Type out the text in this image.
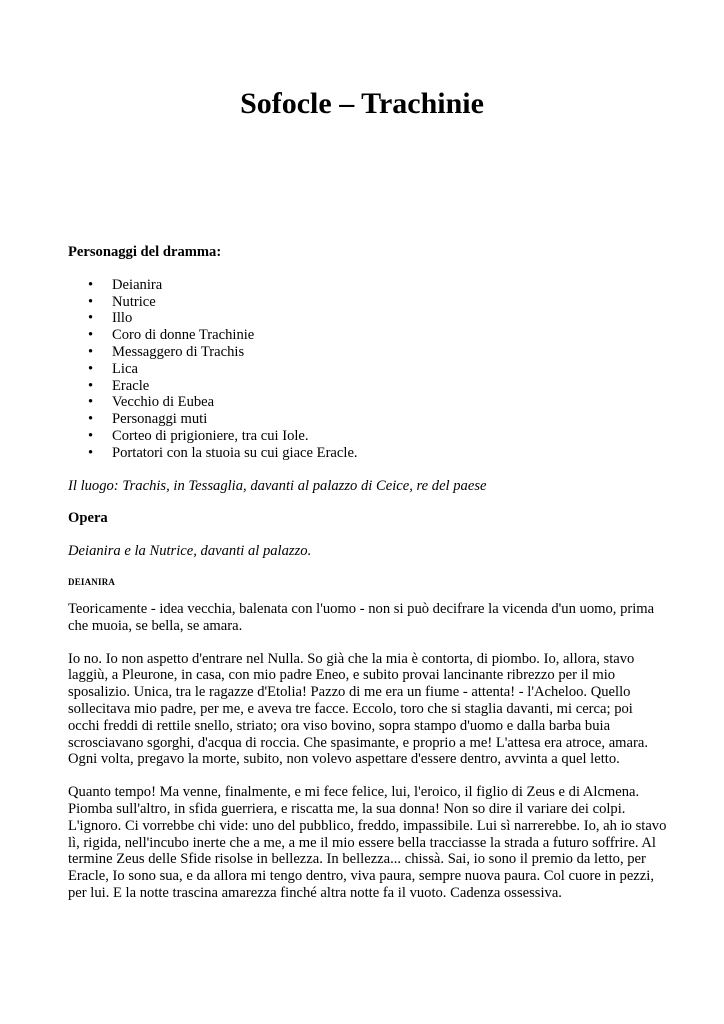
Sofocle – Trachinie

Personaggi del dramma:

• Deianira
• Nutrice
• Illo
• Coro di donne Trachinie
• Messaggero di Trachis
• Lica
• Eracle
• Vecchio di Eubea
• Personaggi muti
• Corteo di prigioniere, tra cui Iole.
• Portatori con la stuoia su cui giace Eracle.

Il luogo: Trachis, in Tessaglia, davanti al palazzo di Ceice, re del paese

Opera

Deianira e la Nutrice, davanti al palazzo.

DEIANIRA

Teoricamente - idea vecchia, balenata con l'uomo - non si può decifrare la vicenda d'un uomo, prima che muoia, se bella, se amara.

Io no. Io non aspetto d'entrare nel Nulla. So già che la mia è contorta, di piombo. Io, allora, stavo laggiù, a Pleurone, in casa, con mio padre Eneo, e subito provai lancinante ribrezzo per il mio sposalizio. Unica, tra le ragazze d'Etolia! Pazzo di me era un fiume - attenta! - l'Acheloo. Quello sollecitava mio padre, per me, e aveva tre facce. Eccolo, toro che si staglia davanti, mi cerca; poi occhi freddi di rettile snello, striato; ora viso bovino, sopra stampo d'uomo e dalla barba buia scrosciavano sgorghi, d'acqua di roccia. Che spasimante, e proprio a me! L'attesa era atroce, amara. Ogni volta, pregavo la morte, subito, non volevo aspettare d'essere dentro, avvinta a quel letto.

Quanto tempo! Ma venne, finalmente, e mi fece felice, lui, l'eroico, il figlio di Zeus e di Alcmena. Piomba sull'altro, in sfida guerriera, e riscatta me, la sua donna! Non so dire il variare dei colpi. L'ignoro. Ci vorrebbe chi vide: uno del pubblico, freddo, impassibile. Lui sì narrerebbe. Io, ah io stavo lì, rigida, nell'incubo inerte che a me, a me il mio essere bella tracciasse la strada a futuro soffrire. Al termine Zeus delle Sfide risolse in bellezza. In bellezza... chissà. Sai, io sono il premio da letto, per Eracle, Io sono sua, e da allora mi tengo dentro, viva paura, sempre nuova paura. Col cuore in pezzi, per lui. E la notte trascina amarezza finché altra notte fa il vuoto. Cadenza ossessiva.
